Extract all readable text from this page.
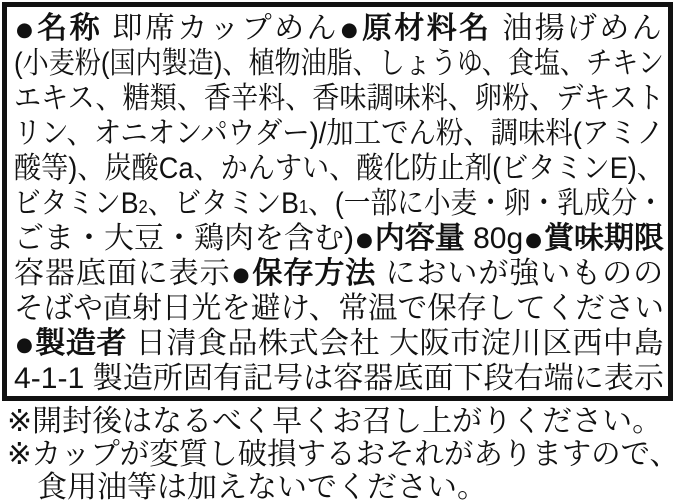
●名称 即席カップめん●原材料名 油揚げめん
(小麦粉(国内製造)、植物油脂、しょうゆ、食塩、チキン
エキス、糖類、香辛料、香味調味料、卵粉、デキスト
リン、オニオンパウダー)/加工でん粉、調味料(アミノ
酸等)、炭酸Ca、かんすい、酸化防止剤(ビタミンE)、
ビタミンB2、ビタミンB1、(一部に小麦・卵・乳成分・
ごま・大豆・鶏肉を含む)●内容量 80g●賞味期限
容器底面に表示●保存方法 においが強いものの
そばや直射日光を避け、常温で保存してください
●製造者 日清食品株式会社 大阪市淀川区西中島
4-1-1 製造所固有記号は容器底面下段右端に表示
※開封後はなるべく早くお召し上がりください。
※カップが変質し破損するおそれがありますので、
食用油等は加えないでください。
